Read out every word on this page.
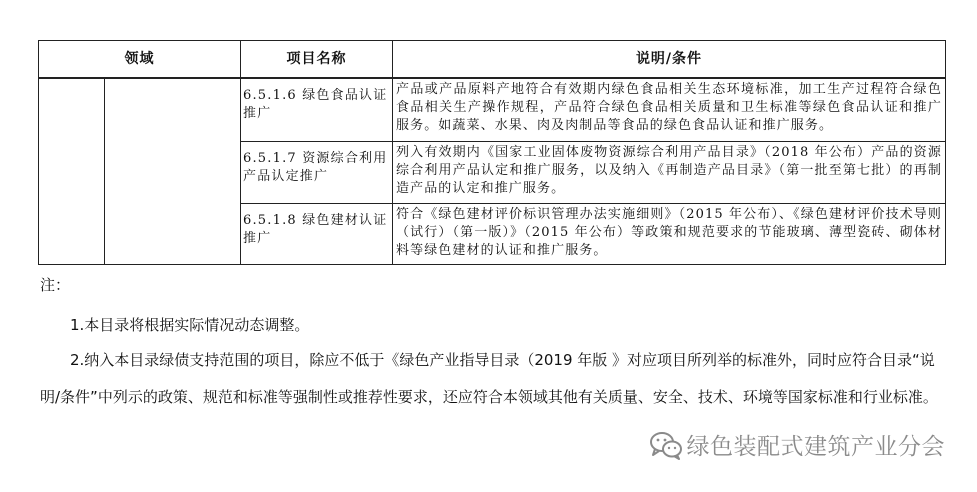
领域		项目名称	说明/条件
		6.5.1.6 绿色食品认证推广	产品或产品原料产地符合有效期内绿色食品相关生态环境标准，加工生产过程符合绿色食品相关生产操作规程，产品符合绿色食品相关质量和卫生标准等绿色食品认证和推广服务。如蔬菜、水果、肉及肉制品等食品的绿色食品认证和推广服务。
		6.5.1.7 资源综合利用产品认定推广	列入有效期内《国家工业固体废物资源综合利用产品目录》（2018 年公布）产品的资源综合利用产品认定和推广服务，以及纳入《再制造产品目录》（第一批至第七批）的再制造产品的认定和推广服务。
		6.5.1.8 绿色建材认证推广	符合《绿色建材评价标识管理办法实施细则》（2015 年公布）、《绿色建材评价技术导则（试行）（第一版）》（2015 年公布）等政策和规范要求的节能玻璃、薄型瓷砖、砌体材料等绿色建材的认证和推广服务。
注：
1.本目录将根据实际情况动态调整。
2.纳入本目录绿债支持范围的项目，除应不低于《绿色产业指导目录（2019 年版 》对应项目所列举的标准外，同时应符合目录“说明/条件”中列示的政策、规范和标准等强制性或推荐性要求，还应符合本领域其他有关质量、安全、技术、环境等国家标准和行业标准。
绿色装配式建筑产业分会
